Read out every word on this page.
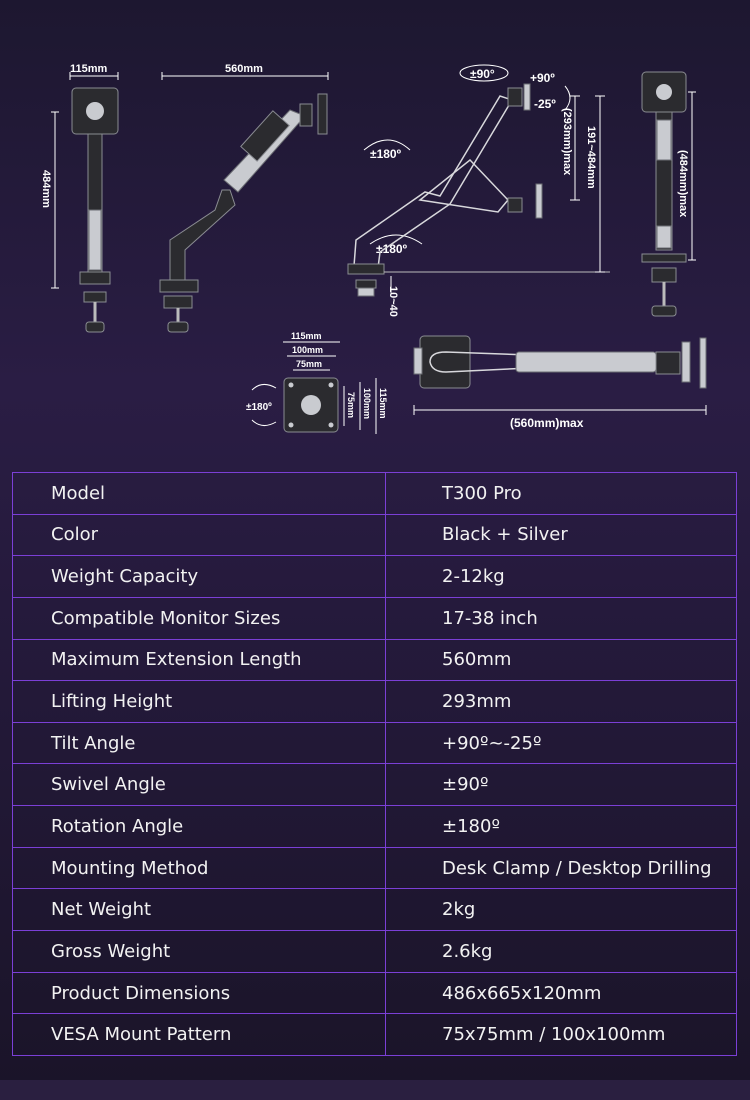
115mm
484mm
560mm	±90°	+90º
-25º
±180º
±180º
(293mm)max 191~484mm
10~40
(484mm)max
115mm
100mm
75mm
±180º	75mm 100mm 115mm
(560mm)max
Model	T300 Pro
Color	Black + Silver
Weight Capacity	2-12kg
Compatible Monitor Sizes	17-38 inch
Maximum Extension Length	560mm
Lifting Height	293mm
Tilt Angle	+90º~-25º
Swivel Angle	±90º
Rotation Angle	±180º
Mounting Method	Desk Clamp / Desktop Drilling
Net Weight	2kg
Gross Weight	2.6kg
Product Dimensions	486x665x120mm
VESA Mount Pattern	75x75mm / 100x100mm
